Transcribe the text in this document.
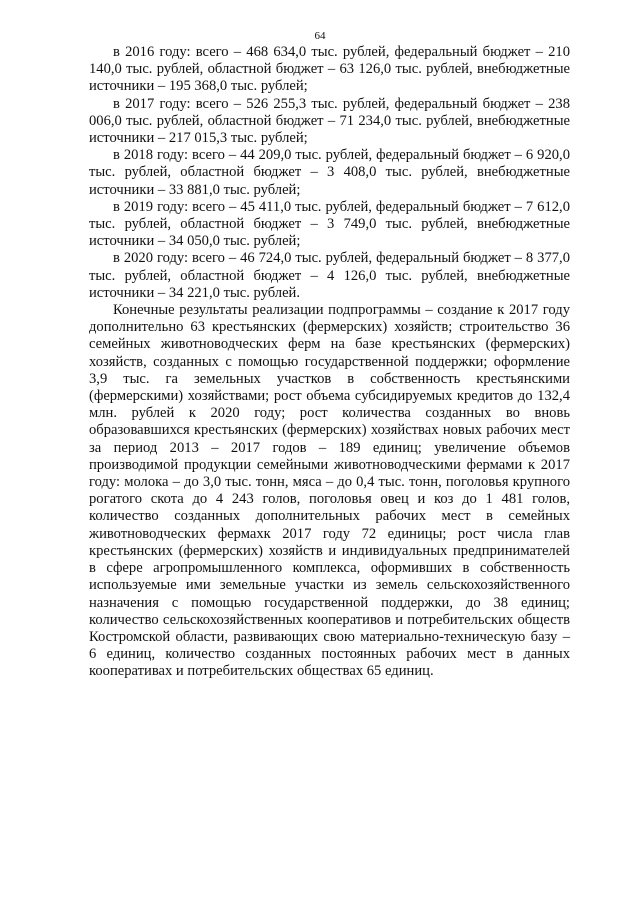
64

в 2016 году: всего – 468 634,0 тыс. рублей, федеральный бюджет – 210 140,0 тыс. рублей, областной бюджет – 63 126,0 тыс. рублей, внебюджетные источники – 195 368,0 тыс. рублей;

в 2017 году: всего – 526 255,3 тыс. рублей, федеральный бюджет – 238 006,0 тыс. рублей, областной бюджет – 71 234,0 тыс. рублей, внебюджетные источники – 217 015,3 тыс. рублей;

в 2018 году: всего – 44 209,0 тыс. рублей, федеральный бюджет – 6 920,0 тыс. рублей, областной бюджет – 3 408,0 тыс. рублей, внебюджетные источники – 33 881,0 тыс. рублей;

в 2019 году: всего – 45 411,0 тыс. рублей, федеральный бюджет – 7 612,0 тыс. рублей, областной бюджет – 3 749,0 тыс. рублей, внебюджетные источники – 34 050,0 тыс. рублей;

в 2020 году: всего – 46 724,0 тыс. рублей, федеральный бюджет – 8 377,0 тыс. рублей, областной бюджет – 4 126,0 тыс. рублей, внебюджетные источники – 34 221,0 тыс. рублей.

Конечные результаты реализации подпрограммы – создание к 2017 году дополнительно 63 крестьянских (фермерских) хозяйств; строительство 36 семейных животноводческих ферм на базе крестьянских (фермерских) хозяйств, созданных с помощью государственной поддержки; оформление 3,9 тыс. га земельных участков в собственность крестьянскими (фермерскими) хозяйствами; рост объема субсидируемых кредитов до 132,4 млн. рублей к 2020 году; рост количества созданных во вновь образовавшихся крестьянских (фермерских) хозяйствах новых рабочих мест за период 2013 – 2017 годов – 189 единиц; увеличение объемов производимой продукции семейными животноводческими фермами к 2017 году: молока – до 3,0 тыс. тонн, мяса – до 0,4 тыс. тонн, поголовья крупного рогатого скота до 4 243 голов, поголовья овец и коз до 1 481 голов, количество созданных дополнительных рабочих мест в семейных животноводческих фермахк 2017 году 72 единицы; рост числа глав крестьянских (фермерских) хозяйств и индивидуальных предпринимателей в сфере агропромышленного комплекса, оформивших в собственность используемые ими земельные участки из земель сельскохозяйственного назначения с помощью государственной поддержки, до 38 единиц; количество сельскохозяйственных кооперативов и потребительских обществ Костромской области, развивающих свою материально-техническую базу – 6 единиц, количество созданных постоянных рабочих мест в данных кооперативах и потребительских обществах 65 единиц.
